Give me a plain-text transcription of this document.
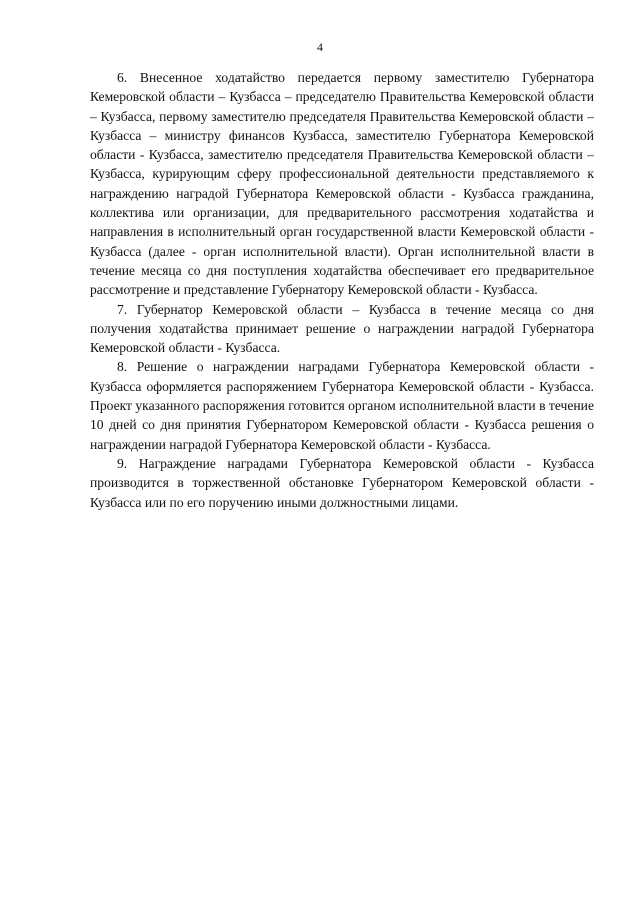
4

6. Внесенное ходатайство передается первому заместителю Губернатора Кемеровской области – Кузбасса – председателю Правительства Кемеровской области – Кузбасса, первому заместителю председателя Правительства Кемеровской области – Кузбасса – министру финансов Кузбасса, заместителю Губернатора Кемеровской области - Кузбасса, заместителю председателя Правительства Кемеровской области – Кузбасса, курирующим сферу профессиональной деятельности представляемого к награждению наградой Губернатора Кемеровской области - Кузбасса гражданина, коллектива или организации, для предварительного рассмотрения ходатайства и направления в исполнительный орган государственной власти Кемеровской области - Кузбасса (далее - орган исполнительной власти). Орган исполнительной власти в течение месяца со дня поступления ходатайства обеспечивает его предварительное рассмотрение и представление Губернатору Кемеровской области - Кузбасса.

7. Губернатор Кемеровской области – Кузбасса в течение месяца со дня получения ходатайства принимает решение о награждении наградой Губернатора Кемеровской области - Кузбасса.

8. Решение о награждении наградами Губернатора Кемеровской области - Кузбасса оформляется распоряжением Губернатора Кемеровской области - Кузбасса. Проект указанного распоряжения готовится органом исполнительной власти в течение 10 дней со дня принятия Губернатором Кемеровской области - Кузбасса решения о награждении наградой Губернатора Кемеровской области - Кузбасса.

9. Награждение наградами Губернатора Кемеровской области - Кузбасса производится в торжественной обстановке Губернатором Кемеровской области - Кузбасса или по его поручению иными должностными лицами.
